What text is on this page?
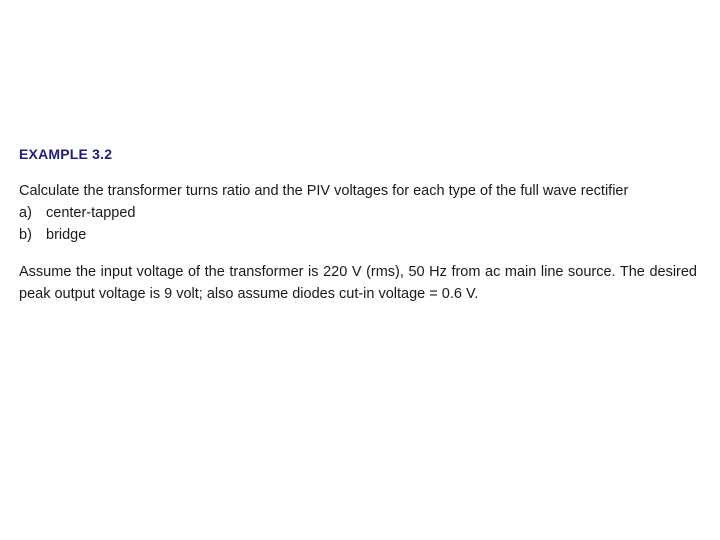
EXAMPLE 3.2

Calculate the transformer turns ratio and the PIV voltages for each type of the full wave rectifier

a) center-tapped
b) bridge

Assume the input voltage of the transformer is 220 V (rms), 50 Hz from ac main line source. The desired peak output voltage is 9 volt; also assume diodes cut-in voltage = 0.6 V.
